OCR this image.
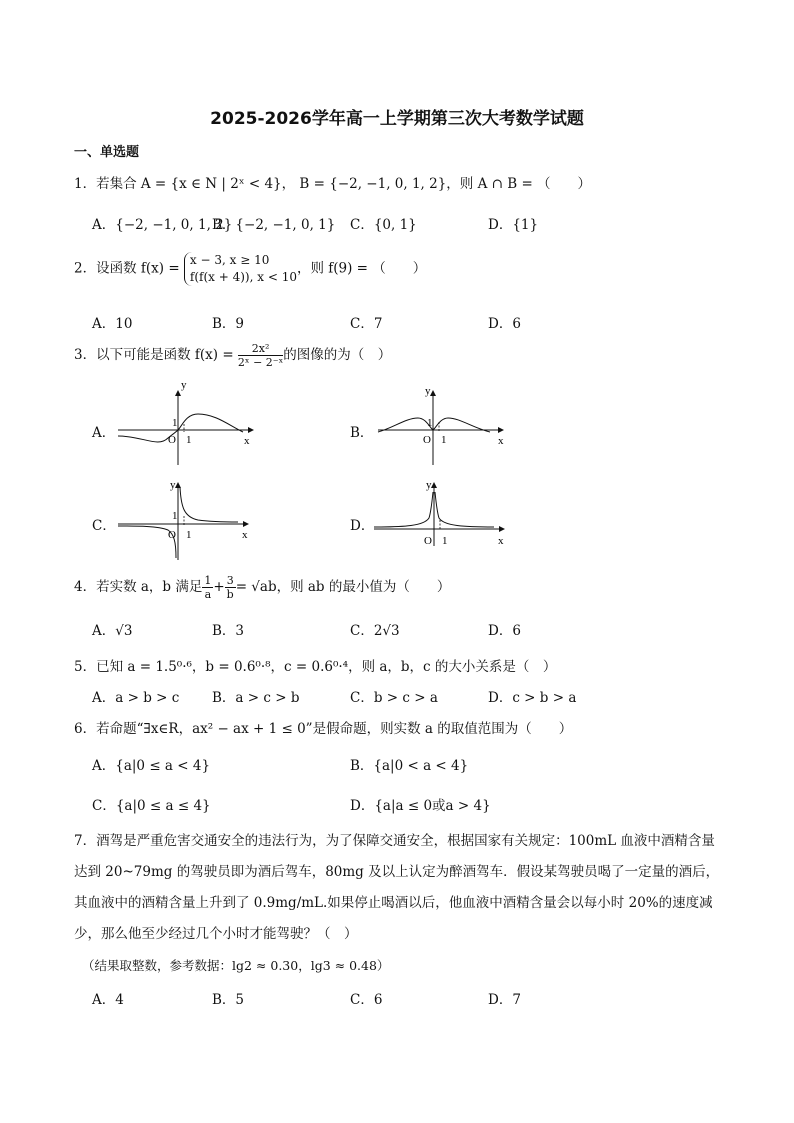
2025-2026学年高一上学期第三次大考数学试题
一、单选题
1．若集合 A = {x ∈ N | 2ˣ < 4}， B = {−2, −1, 0, 1, 2}，则 A ∩ B = （　　）
A．{−2, −1, 0, 1, 2}
B．{−2, −1, 0, 1} C．{0, 1}	D．{1}
2．设函数 f(x) =
x − 3, x ≥ 10
f(f(x + 4)), x < 10
，则 f(9) = （　　）
A．10	B．9	C．7	D．6
3．以下可能是函数 $f(x) = \frac{\text{2x²}}{\text{2ˣ − 2⁻ˣ}}$ 的图像的为（　）
A．
y
x
O 1
1
B．
y
x
O 1
1
C．
y
x
O 1
1
D．
y
x
O 1
4．若实数 a，b 满足 $\frac{1}{a} + \frac{3}{b} = √ab$，则 ab 的最小值为（　　）
A．√3	B．3	C．2√3	D．6
5．已知 a = 1.5⁰·⁶，b = 0.6⁰·⁸，c = 0.6⁰·⁴，则 a，b，c 的大小关系是（　）
A．a > b > c B．a > c > b	C．b > c > a	D．c > b > a
6．若命题“∃x∈R，ax² − ax + 1 ≤ 0”是假命题，则实数 a 的取值范围为（　　）
A．{a|0 ≤ a < 4}	B．{a|0 < a < 4}
C．{a|0 ≤ a ≤ 4}	D．{a|a ≤ 0或a > 4}
7．酒驾是严重危害交通安全的违法行为，为了保障交通安全，根据国家有关规定：100mL 血液中酒精含量达到 20~79mg 的驾驶员即为酒后驾车，80mg 及以上认定为醉酒驾车．假设某驾驶员喝了一定量的酒后，其血液中的酒精含量上升到了 0.9mg/mL.如果停止喝酒以后，他血液中酒精含量会以每小时 20%的速度减少，那么他至少经过几个小时才能驾驶？（　）
（结果取整数，参考数据：lg2 ≈ 0.30，lg3 ≈ 0.48）
A．4	B．5	C．6	D．7
